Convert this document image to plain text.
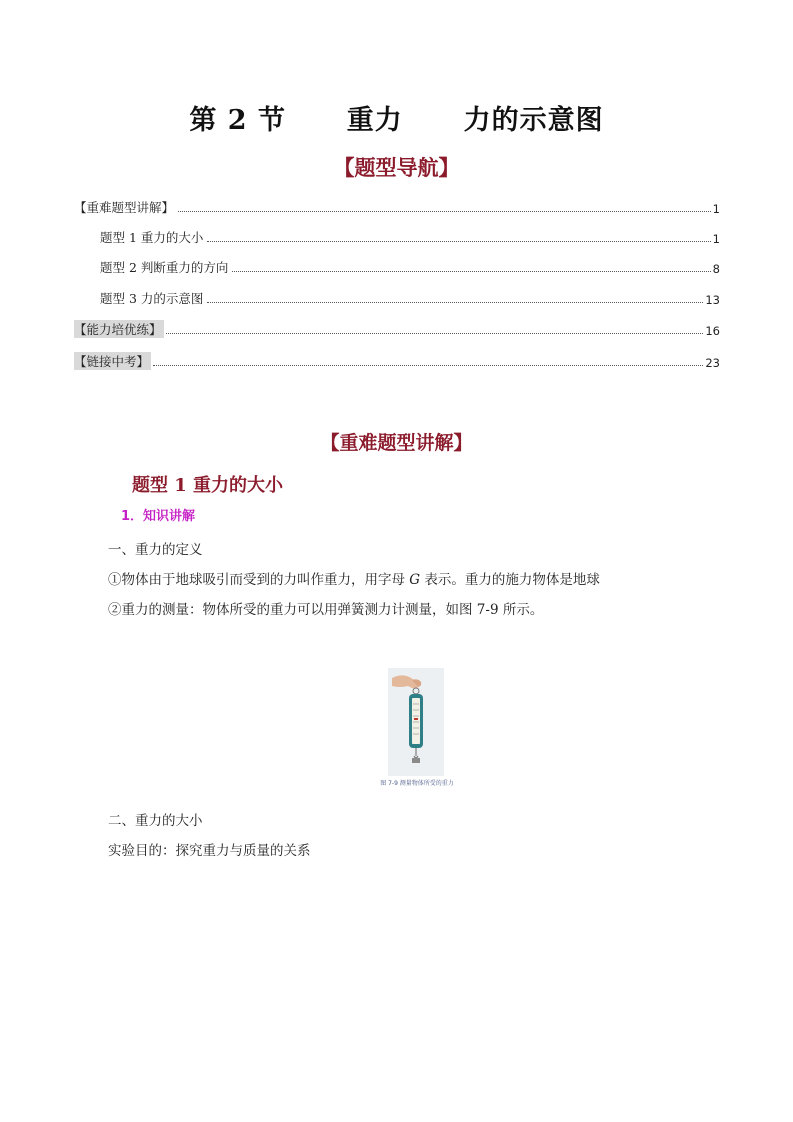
第 2 节 重力 力的示意图
【题型导航】
【重难题型讲解】	1
题型 1 重力的大小	1
题型 2 判断重力的方向	8
题型 3 力的示意图	13
【能力培优练】	16
【链接中考】	23
【重难题型讲解】
题型 1 重力的大小
1．知识讲解
一、重力的定义
①物体由于地球吸引而受到的力叫作重力，用字母 G 表示。重力的施力物体是地球
②重力的测量：物体所受的重力可以用弹簧测力计测量，如图 7-9 所示。
图 7-9 测量物体所受的重力
二、重力的大小
实验目的：探究重力与质量的关系
